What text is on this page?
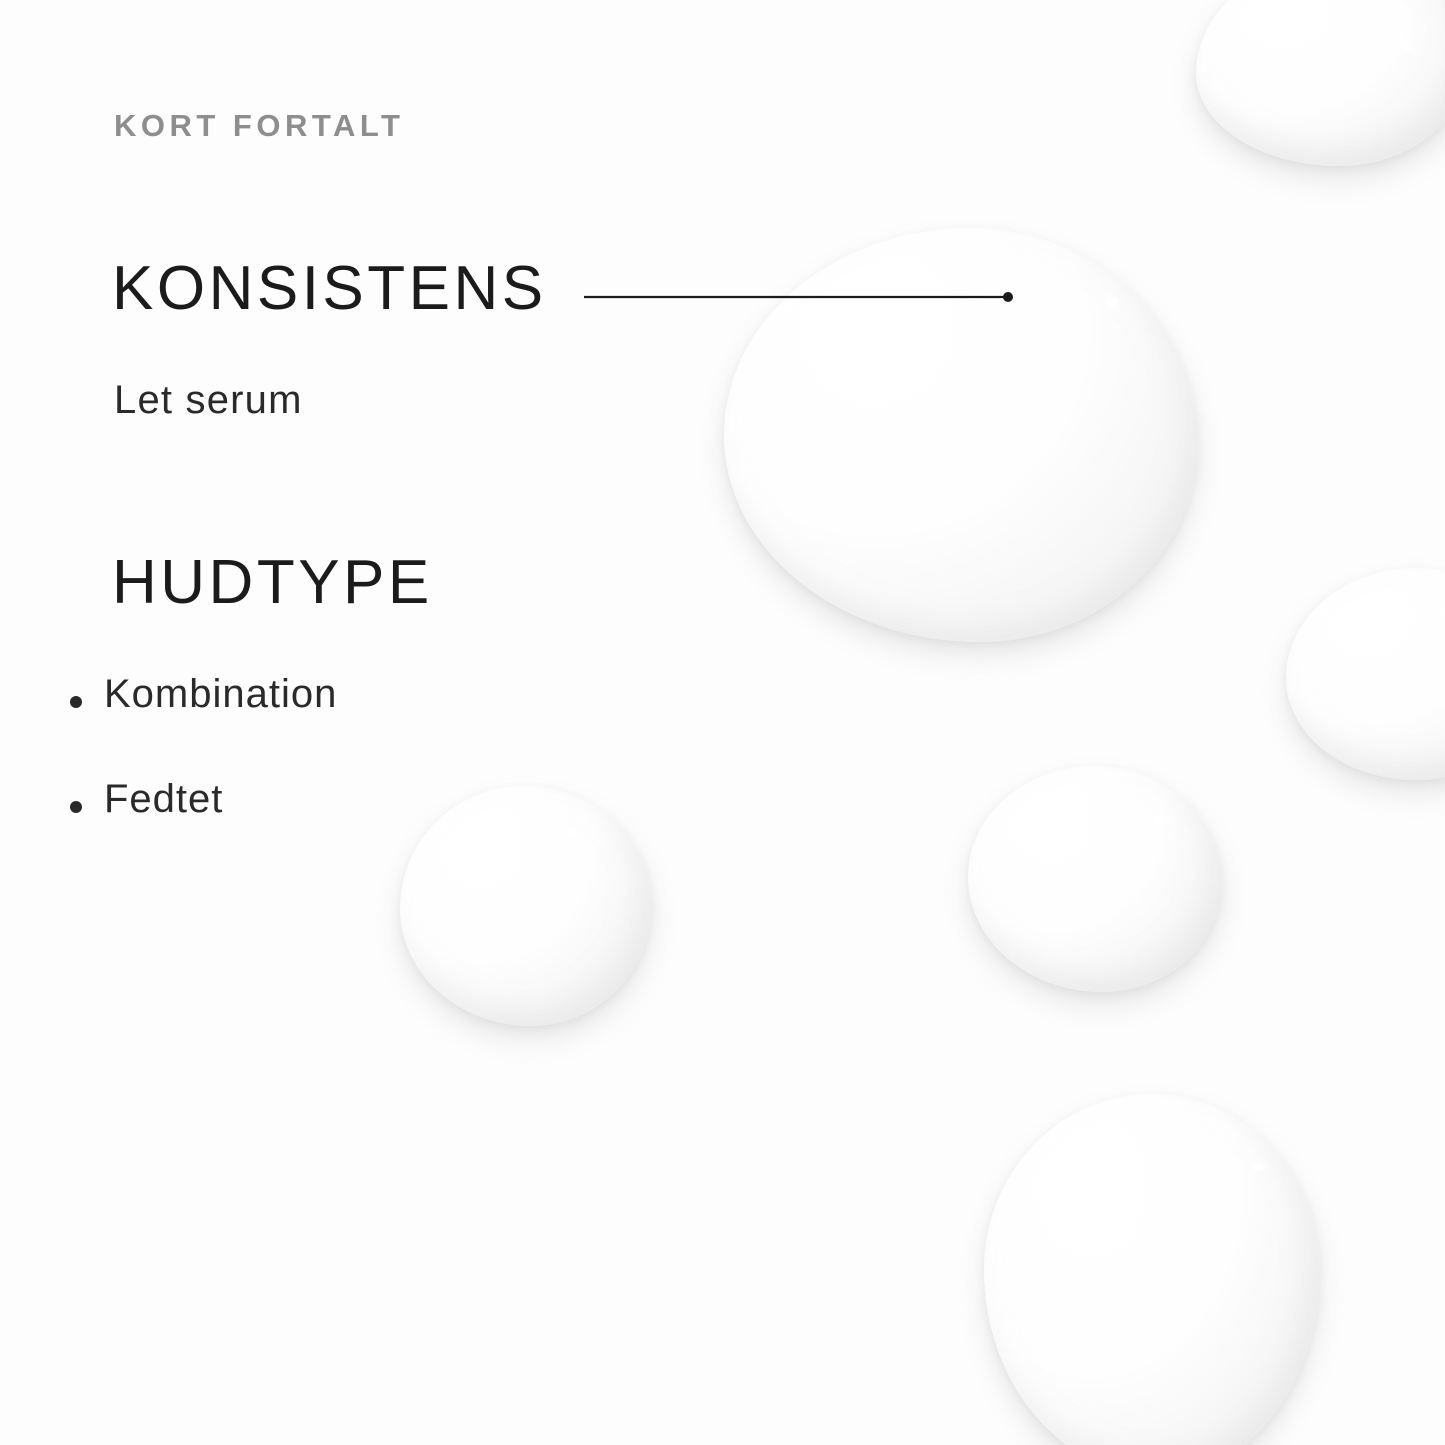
KORT FORTALT
KONSISTENS
Let serum
HUDTYPE
Kombination
Fedtet
